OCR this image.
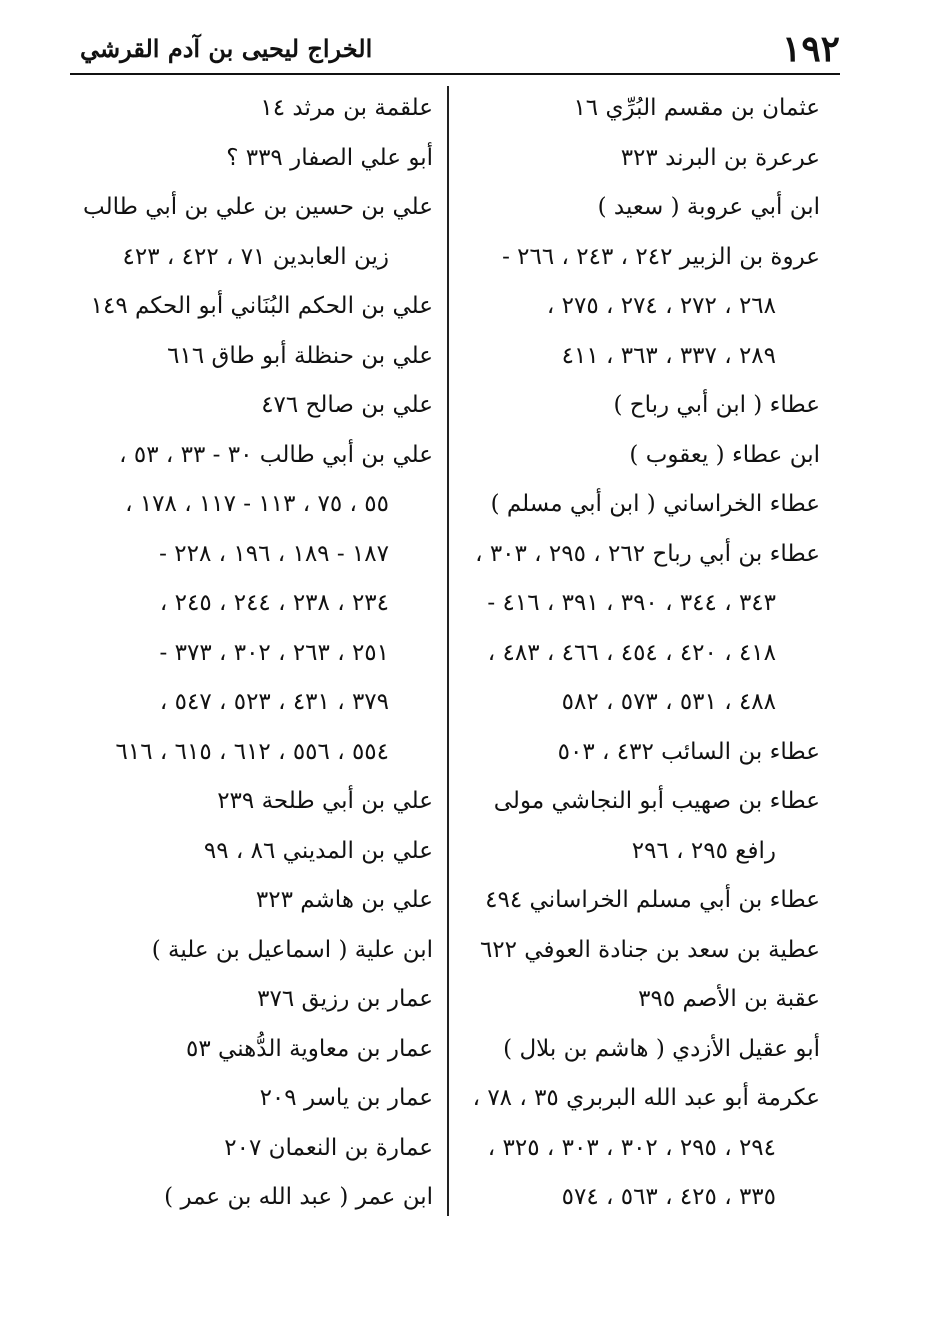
١٩٢
الخراج ليحيى بن آدم القرشي
عثمان بن مقسم البُرِّي ١٦
عرعرة بن البرند ٣٢٣
ابن أبي عروبة ( سعيد )
عروة بن الزبير ٢٤٢ ، ٢٤٣ ، ٢٦٦ -
٢٦٨ ، ٢٧٢ ، ٢٧٤ ، ٢٧٥ ،
٢٨٩ ، ٣٣٧ ، ٣٦٣ ، ٤١١
عطاء ( ابن أبي رباح )
ابن عطاء ( يعقوب )
عطاء الخراساني ( ابن أبي مسلم )
عطاء بن أبي رباح ٢٦٢ ، ٢٩٥ ، ٣٠٣ ،
٣٤٣ ، ٣٤٤ ، ٣٩٠ ، ٣٩١ ، ٤١٦ -
٤١٨ ، ٤٢٠ ، ٤٥٤ ، ٤٦٦ ، ٤٨٣ ،
٤٨٨ ، ٥٣١ ، ٥٧٣ ، ٥٨٢
عطاء بن السائب ٤٣٢ ، ٥٠٣
عطاء بن صهيب أبو النجاشي مولى
رافع ٢٩٥ ، ٢٩٦
عطاء بن أبي مسلم الخراساني ٤٩٤
عطية بن سعد بن جنادة العوفي ٦٢٢
عقبة بن الأصم ٣٩٥
أبو عقيل الأزدي ( هاشم بن بلال )
عكرمة أبو عبد الله البربري ٣٥ ، ٧٨ ،
٢٩٤ ، ٢٩٥ ، ٣٠٢ ، ٣٠٣ ، ٣٢٥ ،
٣٣٥ ، ٤٢٥ ، ٥٦٣ ، ٥٧٤
علقمة بن مرثد ١٤
أبو علي الصفار ٣٣٩ ؟
علي بن حسين بن علي بن أبي طالب
زين العابدين ٧١ ، ٤٢٢ ، ٤٢٣
علي بن الحكم البُنَاني أبو الحكم ١٤٩
علي بن حنظلة أبو طاق ٦١٦
علي بن صالح ٤٧٦
علي بن أبي طالب ٣٠ - ٣٣ ، ٥٣ ،
٥٥ ، ٧٥ ، ١١٣ - ١١٧ ، ١٧٨ ،
١٨٧ - ١٨٩ ، ١٩٦ ، ٢٢٨ -
٢٣٤ ، ٢٣٨ ، ٢٤٤ ، ٢٤٥ ،
٢٥١ ، ٢٦٣ ، ٣٠٢ ، ٣٧٣ -
٣٧٩ ، ٤٣١ ، ٥٢٣ ، ٥٤٧ ،
٥٥٤ ، ٥٥٦ ، ٦١٢ ، ٦١٥ ، ٦١٦
علي بن أبي طلحة ٢٣٩
علي بن المديني ٨٦ ، ٩٩
علي بن هاشم ٣٢٣
ابن علية ( اسماعيل بن علية )
عمار بن رزيق ٣٧٦
عمار بن معاوية الدُّهني ٥٣
عمار بن ياسر ٢٠٩
عمارة بن النعمان ٢٠٧
ابن عمر ( عبد الله بن عمر )
